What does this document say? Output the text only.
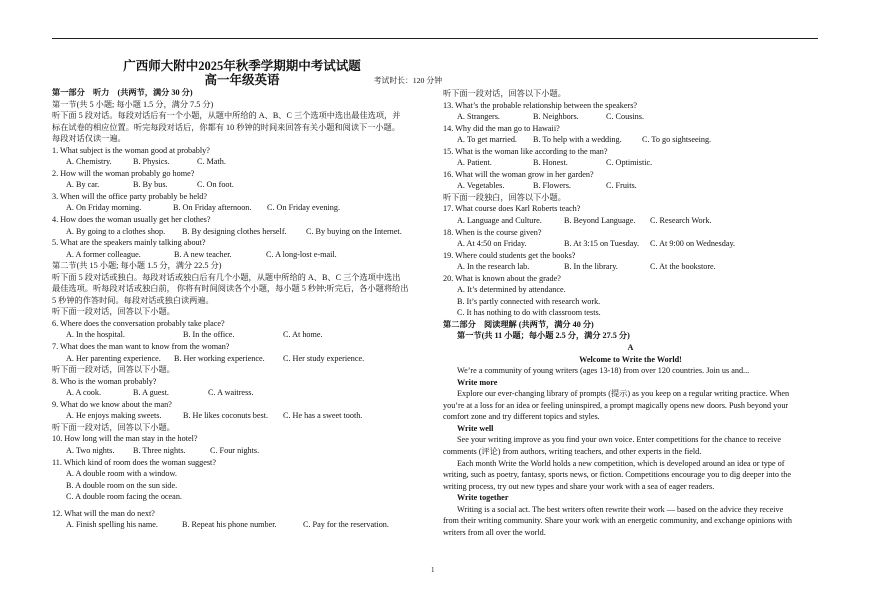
广西师大附中2025年秋季学期期中考试试题
高一年级英语	考试时长：120 分钟
第一部分　听力　(共两节，满分 30 分)
第一节(共 5 小题; 每小题 1.5 分，满分 7.5 分)
听下面 5 段对话。每段对话后有一个小题，从题中所给的 A、B、C 三个选项中选出最佳选项，并
标在试卷的相应位置。听完每段对话后，你都有 10 秒钟的时间来回答有关小题和阅读下一小题。
每段对话仅读一遍。
1. What subject is the woman good at probably?
A. Chemistry.	B. Physics.	C. Math.
2. How will the woman probably go home?
A. By car.	B. By bus.	C. On foot.
3. When will the office party probably be held?
A. On Friday morning.	B. On Friday afternoon.	C. On Friday evening.
4. How does the woman usually get her clothes?
A. By going to a clothes shop.	B. By designing clothes herself.	C. By buying on the Internet.
5. What are the speakers mainly talking about?
A. A former colleague.	B. A new teacher.	C. A long-lost e-mail.
第二节(共 15 小题; 每小题 1.5 分，满分 22.5 分)
听下面 5 段对话或独白。每段对话或独白后有几个小题，从题中所给的 A、B、C 三个选项中选出
最佳选项。听每段对话或独白前， 你将有时间阅读各个小题，每小题 5 秒钟;听完后，各小题将给出
5 秒钟的作答时间。每段对话或独白读两遍。
听下面一段对话，回答以下小题。
6. Where does the conversation probably take place?
A. In the hospital.	B. In the office.	C. At home.
7. What does the man want to know from the woman?
A. Her parenting experience.	B. Her working experience.	C. Her study experience.
听下面一段对话，回答以下小题。
8. Who is the woman probably?
A. A cook.	B. A guest.	C. A waitress.
9. What do we know about the man?
A. He enjoys making sweets.	B. He likes coconuts best.	C. He has a sweet tooth.
听下面一段对话，回答以下小题。
10. How long will the man stay in the hotel?
A. Two nights.	B. Three nights.	C. Four nights.
11. Which kind of room does the woman suggest?
A. A double room with a window.
B. A double room on the sun side.
C. A double room facing the ocean.
12. What will the man do next?
A. Finish spelling his name.	B. Repeat his phone number.	C. Pay for the reservation.
听下面一段对话，回答以下小题。
13. What’s the probable relationship between the speakers?
A. Strangers.	B. Neighbors.	C. Cousins.
14. Why did the man go to Hawaii?
A. To get married.	B. To help with a wedding.	C. To go sightseeing.
15. What is the woman like according to the man?
A. Patient.	B. Honest.	C. Optimistic.
16. What will the woman grow in her garden?
A. Vegetables.	B. Flowers.	C. Fruits.
听下面一段独白，回答以下小题。
17. What course does Karl Roberts teach?
A. Language and Culture.	B. Beyond Language.	C. Research Work.
18. When is the course given?
A. At 4:50 on Friday.	B. At 3:15 on Tuesday.	C. At 9:00 on Wednesday.
19. Where could students get the books?
A. In the research lab.	B. In the library.	C. At the bookstore.
20. What is known about the grade?
A. It’s determined by attendance.
B. It’s partly connected with research work.
C. It has nothing to do with classroom tests.
第二部分　阅读理解 (共两节，满分 40 分)
第一节(共 11 小题；每小题 2.5 分，满分 27.5 分)
A
Welcome to Write the World!
We’re a community of young writers (ages 13-18) from over 120 countries. Join us and...
Write more
Explore our ever-changing library of prompts (提示) as you keep on a regular writing practice. When
you’re at a loss for an idea or feeling uninspired, a prompt magically opens new doors. Push beyond your
comfort zone and try different topics and styles.
Write well
See your writing improve as you find your own voice. Enter competitions for the chance to receive
comments (评论) from authors, writing teachers, and other experts in the field.
Each month Write the World holds a new competition, which is developed around an idea or type of
writing, such as poetry, fantasy, sports news, or fiction. Competitions encourage you to dig deeper into the
writing process, try out new types and share your work with a sea of eager readers.
Write together
Writing is a social act. The best writers often rewrite their work — based on the advice they receive
from their writing community. Share your work with an energetic community, and exchange opinions with
writers from all over the world.
1
